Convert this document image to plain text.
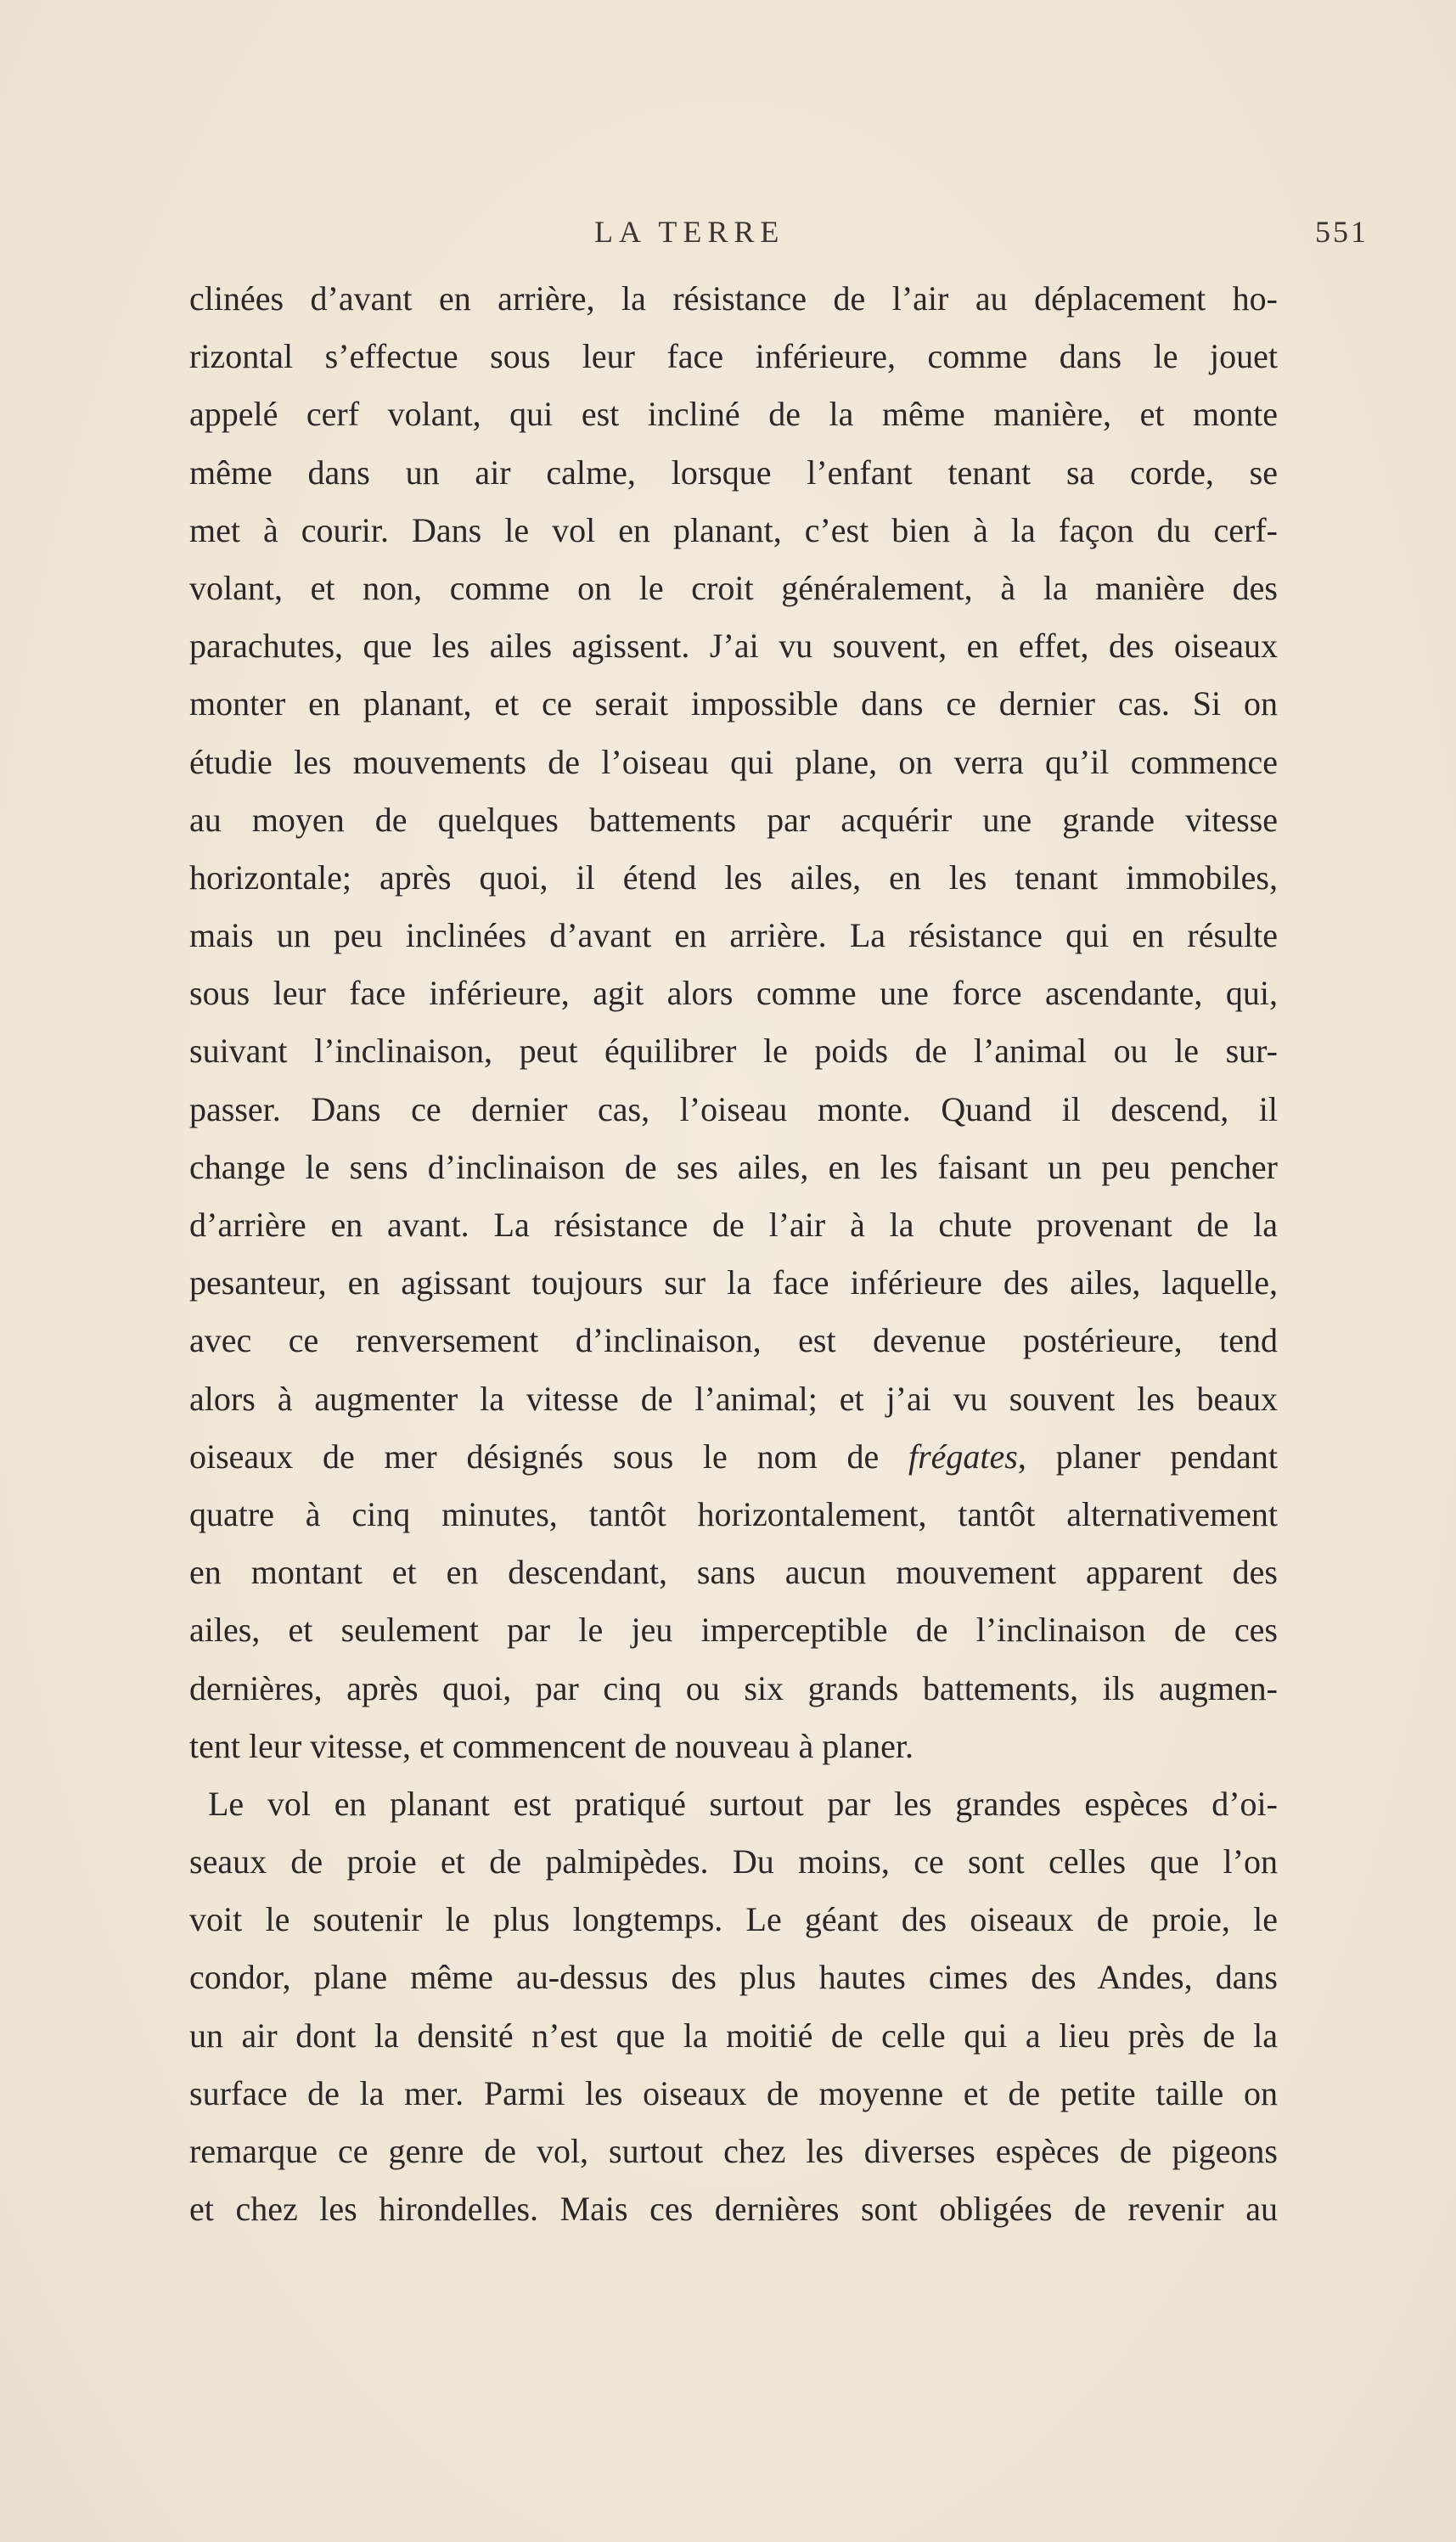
LA TERRE	551
clinées d’avant en arrière, la résistance de l’air au déplacement ho-
rizontal s’effectue sous leur face inférieure, comme dans le jouet
appelé cerf volant, qui est incliné de la même manière, et monte
même dans un air calme, lorsque l’enfant tenant sa corde, se
met à courir. Dans le vol en planant, c’est bien à la façon du cerf-
volant, et non, comme on le croit généralement, à la manière des
parachutes, que les ailes agissent. J’ai vu souvent, en effet, des oiseaux
monter en planant, et ce serait impossible dans ce dernier cas. Si on
étudie les mouvements de l’oiseau qui plane, on verra qu’il commence
au moyen de quelques battements par acquérir une grande vitesse
horizontale; après quoi, il étend les ailes, en les tenant immobiles,
mais un peu inclinées d’avant en arrière. La résistance qui en résulte
sous leur face inférieure, agit alors comme une force ascendante, qui,
suivant l’inclinaison, peut équilibrer le poids de l’animal ou le sur-
passer. Dans ce dernier cas, l’oiseau monte. Quand il descend, il
change le sens d’inclinaison de ses ailes, en les faisant un peu pencher
d’arrière en avant. La résistance de l’air à la chute provenant de la
pesanteur, en agissant toujours sur la face inférieure des ailes, laquelle,
avec ce renversement d’inclinaison, est devenue postérieure, tend
alors à augmenter la vitesse de l’animal; et j’ai vu souvent les beaux
oiseaux de mer désignés sous le nom de frégates, planer pendant
quatre à cinq minutes, tantôt horizontalement, tantôt alternativement
en montant et en descendant, sans aucun mouvement apparent des
ailes, et seulement par le jeu imperceptible de l’inclinaison de ces
dernières, après quoi, par cinq ou six grands battements, ils augmen-
tent leur vitesse, et commencent de nouveau à planer.
Le vol en planant est pratiqué surtout par les grandes espèces d’oi-
seaux de proie et de palmipèdes. Du moins, ce sont celles que l’on
voit le soutenir le plus longtemps. Le géant des oiseaux de proie, le
condor, plane même au-dessus des plus hautes cimes des Andes, dans
un air dont la densité n’est que la moitié de celle qui a lieu près de la
surface de la mer. Parmi les oiseaux de moyenne et de petite taille on
remarque ce genre de vol, surtout chez les diverses espèces de pigeons
et chez les hirondelles. Mais ces dernières sont obligées de revenir au
